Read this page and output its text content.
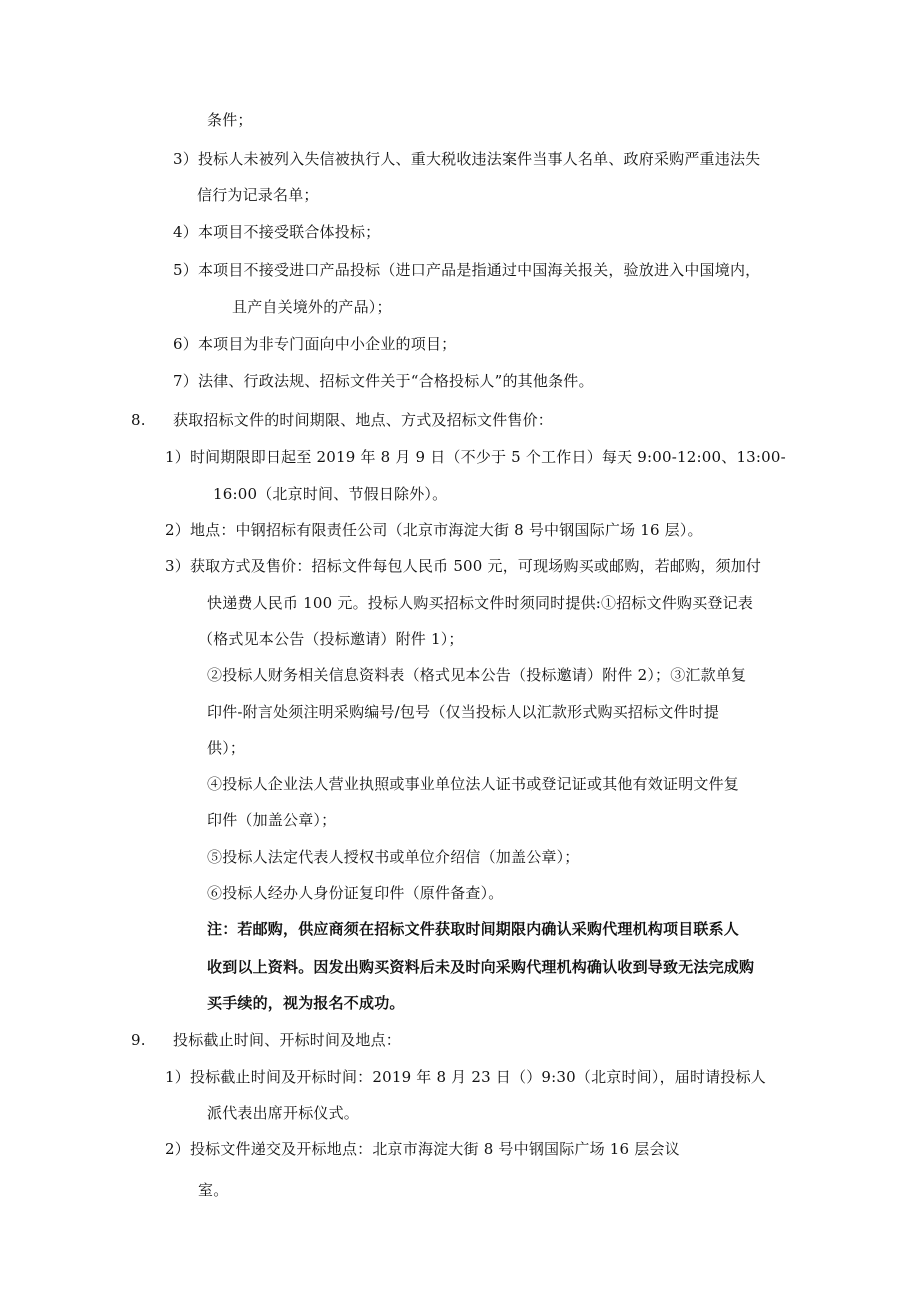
条件；
3）投标人未被列入失信被执行人、重大税收违法案件当事人名单、政府采购严重违法失
信行为记录名单；
4）本项目不接受联合体投标；
5）本项目不接受进口产品投标（进口产品是指通过中国海关报关，验放进入中国境内，
且产自关境外的产品）；
6）本项目为非专门面向中小企业的项目；
7）法律、行政法规、招标文件关于“合格投标人”的其他条件。
8. 获取招标文件的时间期限、地点、方式及招标文件售价：
1）时间期限即日起至 2019 年 8 月 9 日（不少于 5 个工作日）每天 9:00-12:00、13:00-
16:00（北京时间、节假日除外）。
2）地点：中钢招标有限责任公司（北京市海淀大街 8 号中钢国际广场 16 层）。
3）获取方式及售价：招标文件每包人民币 500 元，可现场购买或邮购，若邮购，须加付
快递费人民币 100 元。投标人购买招标文件时须同时提供:①招标文件购买登记表
（格式见本公告（投标邀请）附件 1）；
②投标人财务相关信息资料表（格式见本公告（投标邀请）附件 2）；③汇款单复
印件-附言处须注明采购编号/包号（仅当投标人以汇款形式购买招标文件时提
供）；
④投标人企业法人营业执照或事业单位法人证书或登记证或其他有效证明文件复
印件（加盖公章）；
⑤投标人法定代表人授权书或单位介绍信（加盖公章）；
⑥投标人经办人身份证复印件（原件备查）。
注：若邮购，供应商须在招标文件获取时间期限内确认采购代理机构项目联系人
收到以上资料。因发出购买资料后未及时向采购代理机构确认收到导致无法完成购
买手续的，视为报名不成功。
9. 投标截止时间、开标时间及地点：
1）投标截止时间及开标时间：2019 年 8 月 23 日（）9:30（北京时间），届时请投标人
派代表出席开标仪式。
2）投标文件递交及开标地点：北京市海淀大街 8 号中钢国际广场 16 层会议
室。
